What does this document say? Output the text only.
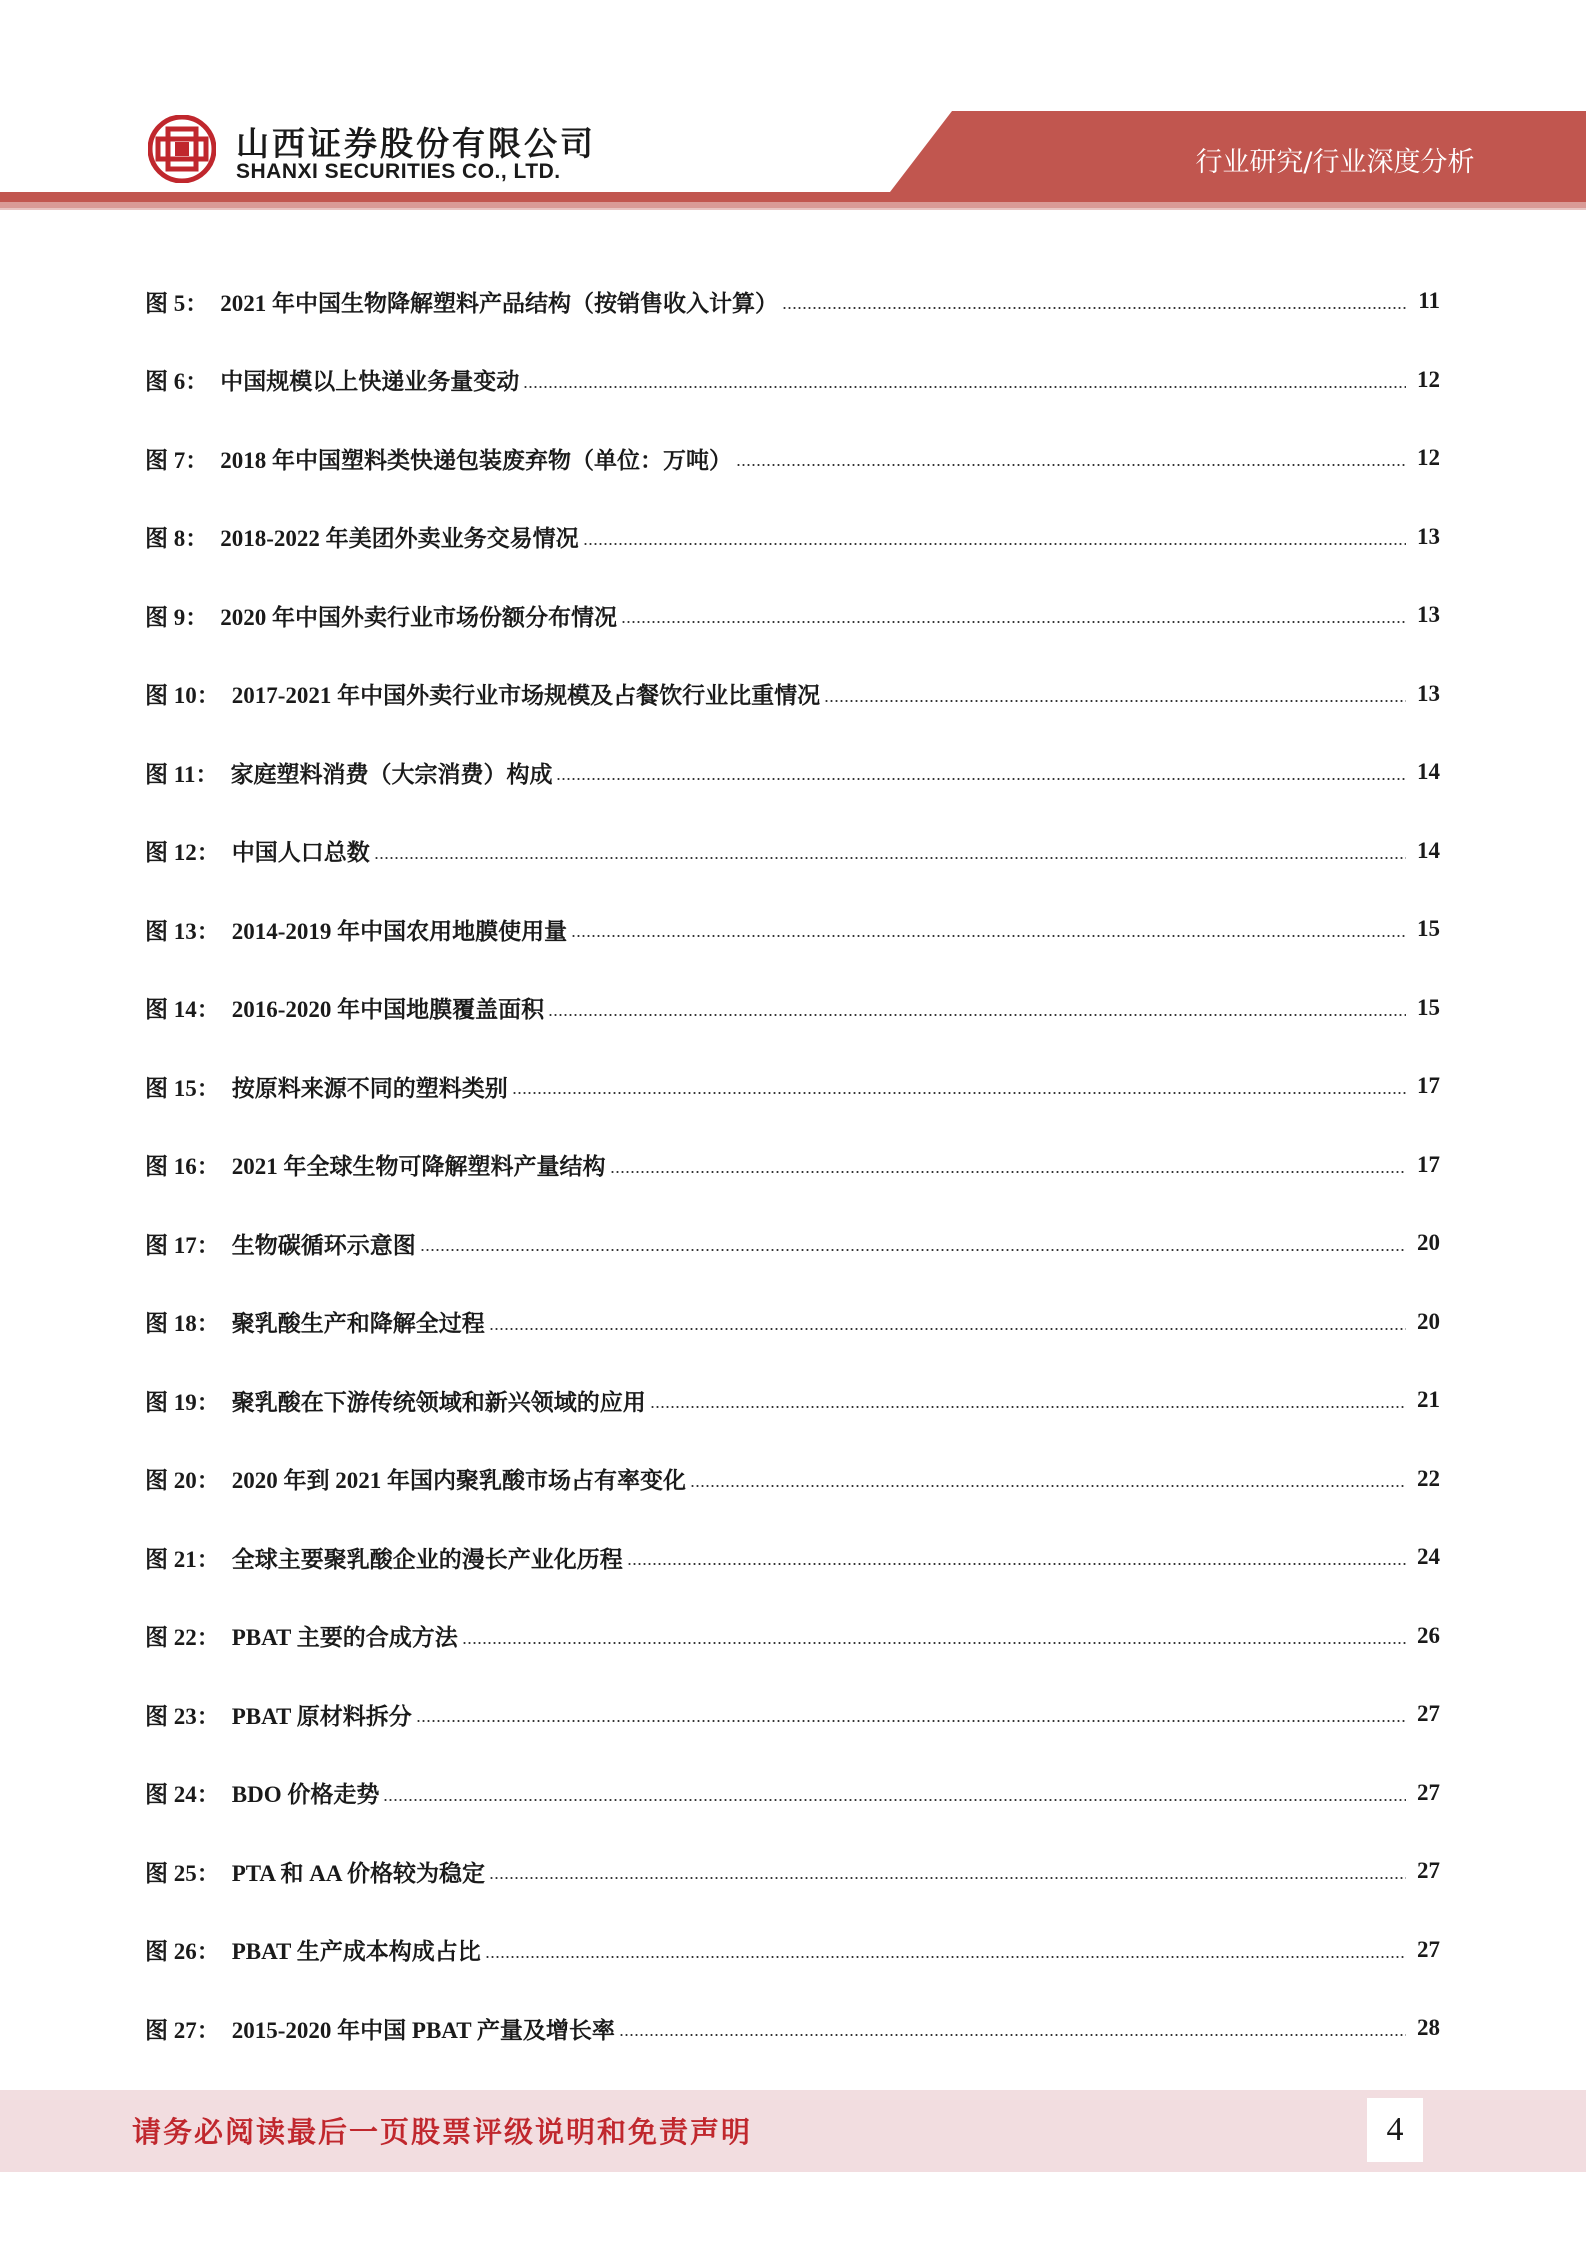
山西证券股份有限公司
SHANXI SECURITIES CO., LTD.	行业研究/行业深度分析
图 5： 2021 年中国生物降解塑料产品结构（按销售收入计算）	11
图 6： 中国规模以上快递业务量变动	12
图 7： 2018 年中国塑料类快递包装废弃物（单位：万吨）	12
图 8： 2018-2022 年美团外卖业务交易情况	13
图 9： 2020 年中国外卖行业市场份额分布情况	13
图 10： 2017-2021 年中国外卖行业市场规模及占餐饮行业比重情况	13
图 11： 家庭塑料消费（大宗消费）构成	14
图 12： 中国人口总数	14
图 13： 2014-2019 年中国农用地膜使用量	15
图 14： 2016-2020 年中国地膜覆盖面积	15
图 15： 按原料来源不同的塑料类别	17
图 16： 2021 年全球生物可降解塑料产量结构	17
图 17： 生物碳循环示意图	20
图 18： 聚乳酸生产和降解全过程	20
图 19： 聚乳酸在下游传统领域和新兴领域的应用	21
图 20： 2020 年到 2021 年国内聚乳酸市场占有率变化	22
图 21： 全球主要聚乳酸企业的漫长产业化历程	24
图 22： PBAT 主要的合成方法	26
图 23： PBAT 原材料拆分	27
图 24： BDO 价格走势	27
图 25： PTA 和 AA 价格较为稳定	27
图 26： PBAT 生产成本构成占比	27
图 27： 2015-2020 年中国 PBAT 产量及增长率	28
请务必阅读最后一页股票评级说明和免责声明	4
